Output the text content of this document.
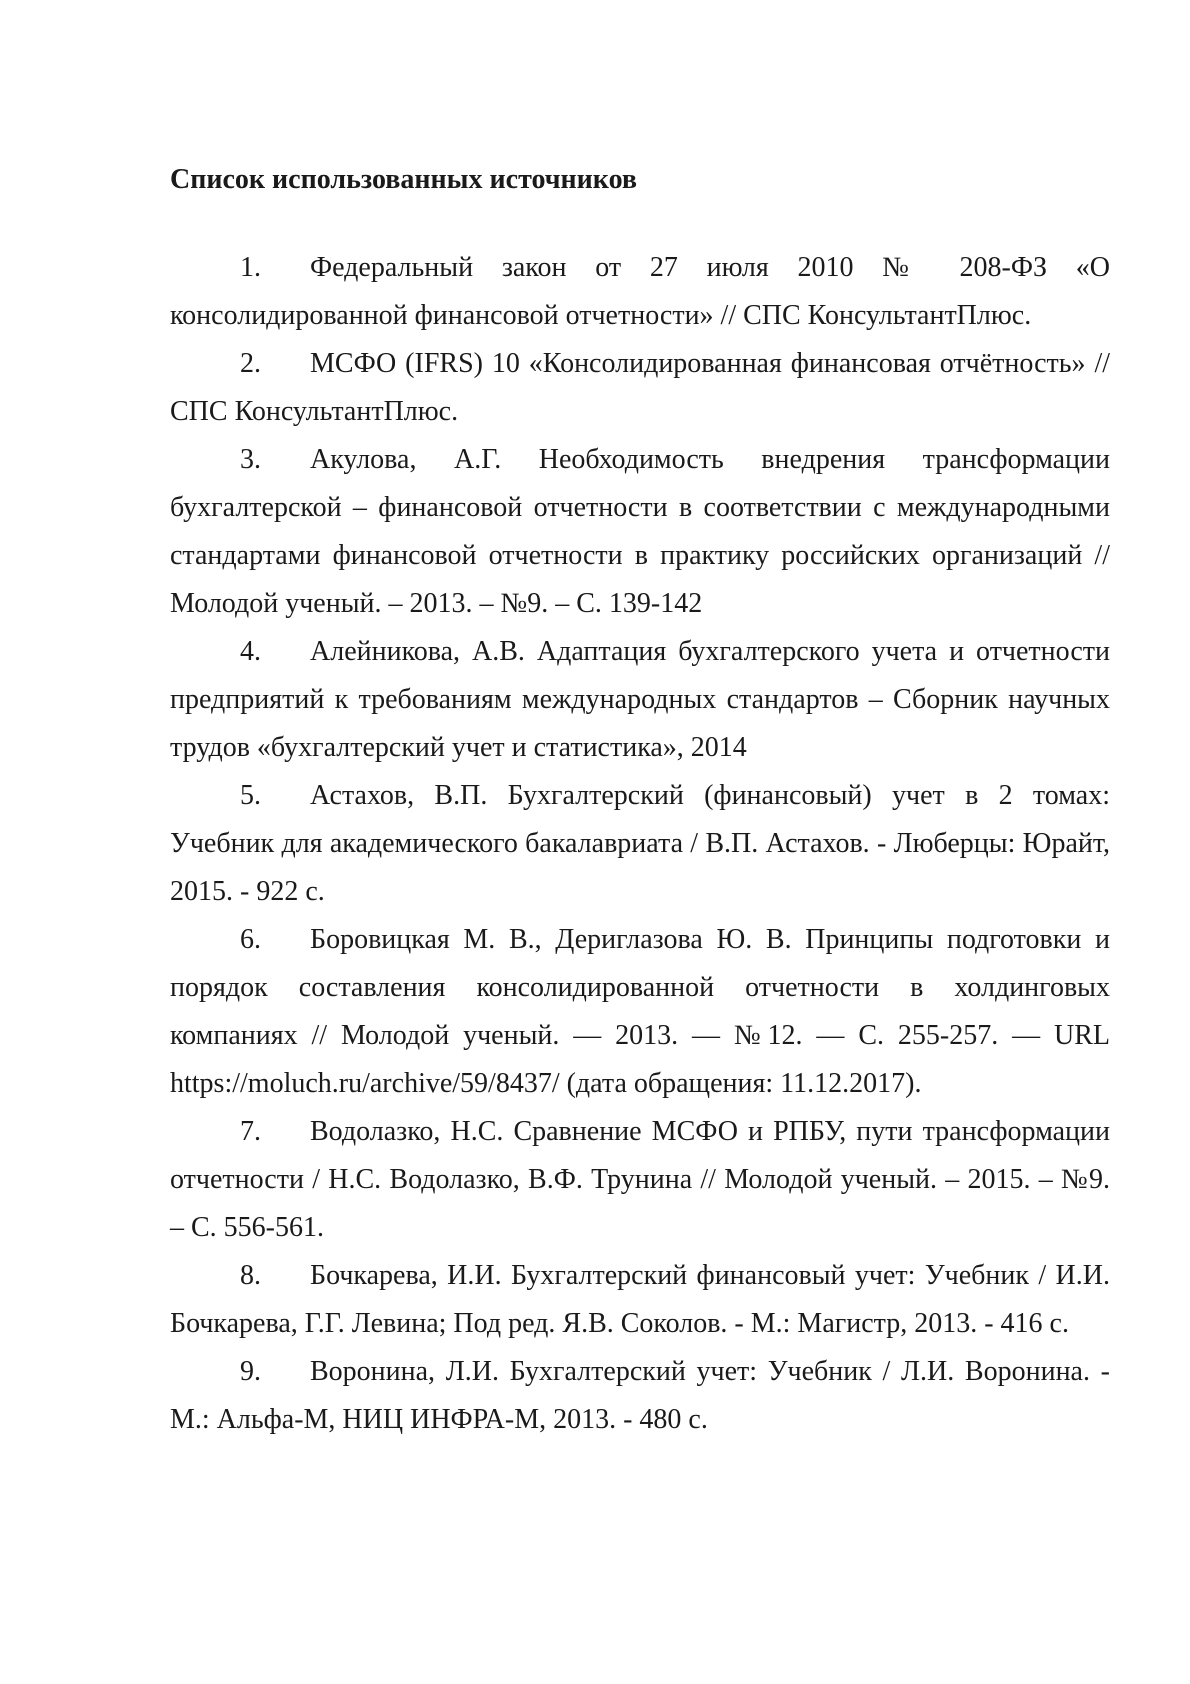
Список использованных источников
1. Федеральный закон от 27 июля 2010 № 208-ФЗ «О консолидированной финансовой отчетности» // СПС КонсультантПлюс.
2. МСФО (IFRS) 10 «Консолидированная финансовая отчётность» // СПС КонсультантПлюс.
3. Акулова, А.Г. Необходимость внедрения трансформации бухгалтерской – финансовой отчетности в соответствии с международными стандартами финансовой отчетности в практику российских организаций // Молодой ученый. – 2013. – №9. – С. 139-142
4. Алейникова, А.В. Адаптация бухгалтерского учета и отчетности предприятий к требованиям международных стандартов – Сборник научных трудов «бухгалтерский учет и статистика», 2014
5. Астахов, В.П. Бухгалтерский (финансовый) учет в 2 томах: Учебник для академического бакалавриата / В.П. Астахов. - Люберцы: Юрайт, 2015. - 922 с.
6. Боровицкая М. В., Дериглазова Ю. В. Принципы подготовки и порядок составления консолидированной отчетности в холдинговых компаниях // Молодой ученый. — 2013. — №12. — С. 255-257. — URL https://moluch.ru/archive/59/8437/ (дата обращения: 11.12.2017).
7. Водолазко, Н.С. Сравнение МСФО и РПБУ, пути трансформации отчетности / Н.С. Водолазко, В.Ф. Трунина // Молодой ученый. – 2015. – №9. – С. 556-561.
8. Бочкарева, И.И. Бухгалтерский финансовый учет: Учебник / И.И. Бочкарева, Г.Г. Левина; Под ред. Я.В. Соколов. - М.: Магистр, 2013. - 416 с.
9. Воронина, Л.И. Бухгалтерский учет: Учебник / Л.И. Воронина. - М.: Альфа-М, НИЦ ИНФРА-М, 2013. - 480 с.
